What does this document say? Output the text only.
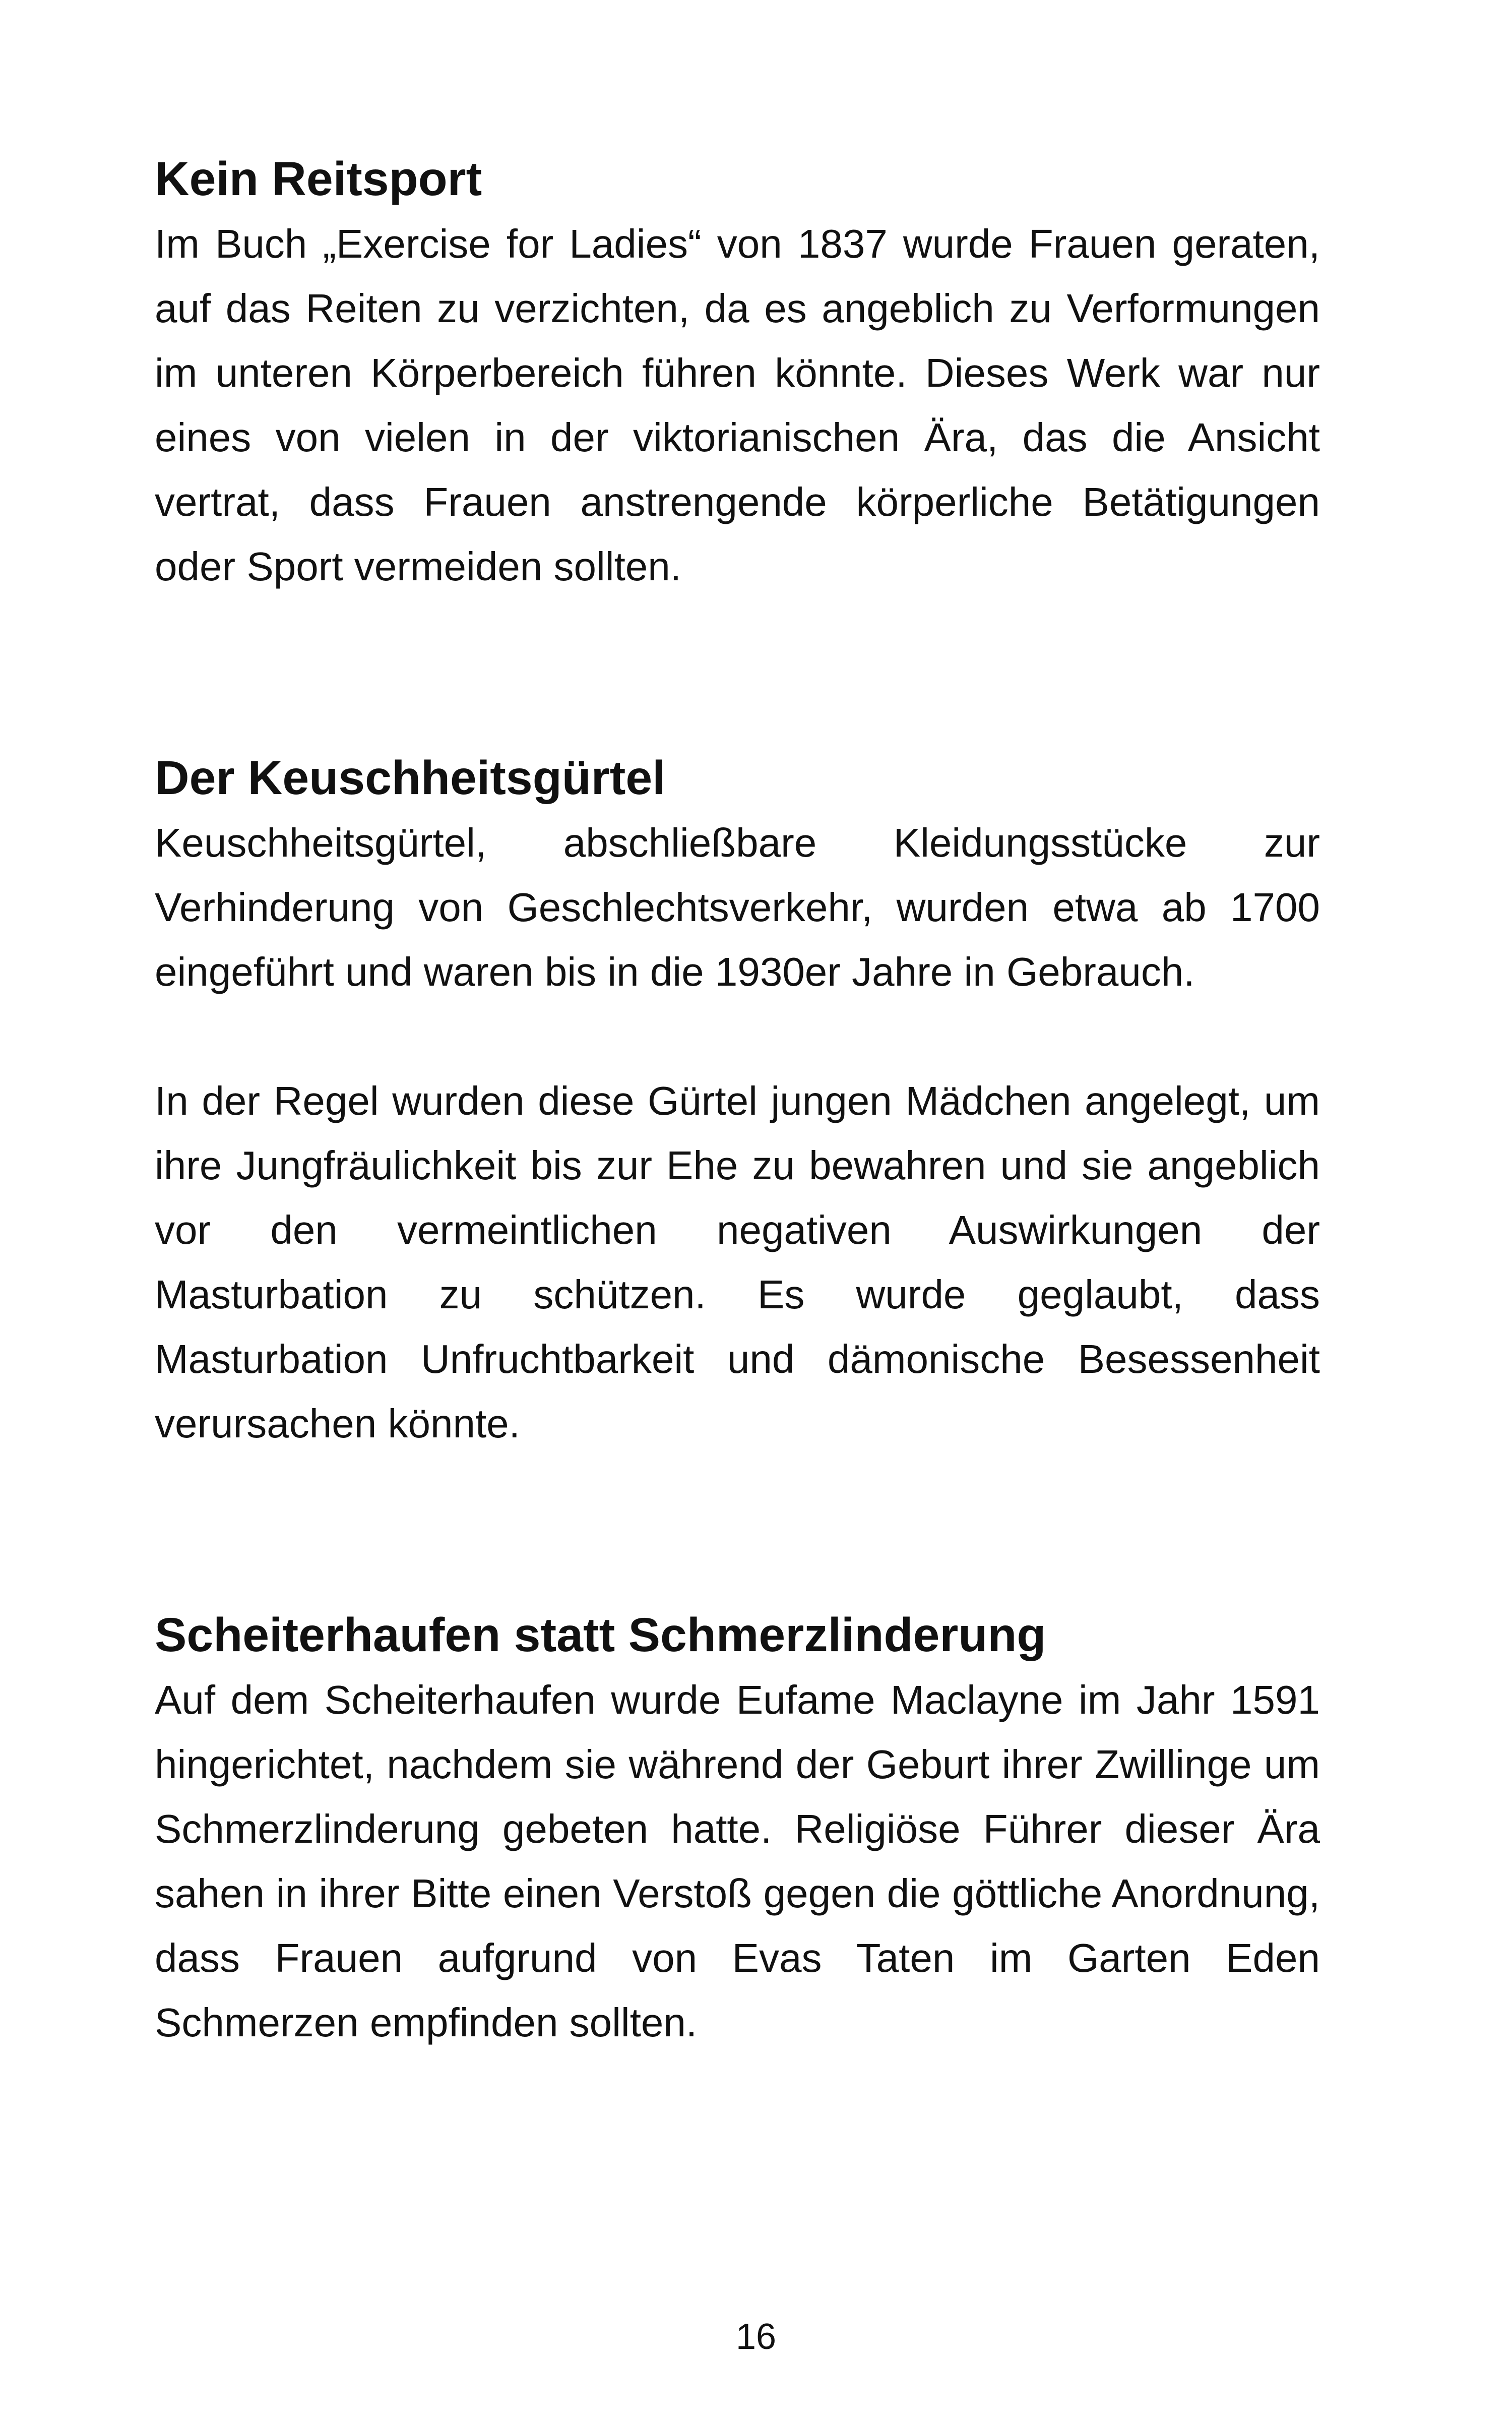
Kein Reitsport

Im Buch „Exercise for Ladies“ von 1837 wurde Frauen geraten, auf das Reiten zu verzichten, da es angeblich zu Verformungen im unteren Körperbereich führen könnte. Dieses Werk war nur eines von vielen in der viktorianischen Ära, das die Ansicht vertrat, dass Frauen anstrengende körperliche Betätigungen oder Sport vermeiden sollten.

Der Keuschheitsgürtel

Keuschheitsgürtel, abschließbare Kleidungsstücke zur Verhinderung von Geschlechtsverkehr, wurden etwa ab 1700 eingeführt und waren bis in die 1930er Jahre in Gebrauch.

In der Regel wurden diese Gürtel jungen Mädchen angelegt, um ihre Jungfräulichkeit bis zur Ehe zu bewahren und sie angeblich vor den vermeintlichen negativen Auswirkungen der Masturbation zu schützen. Es wurde geglaubt, dass Masturbation Unfruchtbarkeit und dämonische Besessenheit verursachen könnte.

Scheiterhaufen statt Schmerzlinderung

Auf dem Scheiterhaufen wurde Eufame Maclayne im Jahr 1591 hingerichtet, nachdem sie während der Geburt ihrer Zwillinge um Schmerzlinderung gebeten hatte. Religiöse Führer dieser Ära sahen in ihrer Bitte einen Verstoß gegen die göttliche Anordnung, dass Frauen aufgrund von Evas Taten im Garten Eden Schmerzen empfinden sollten.

16
